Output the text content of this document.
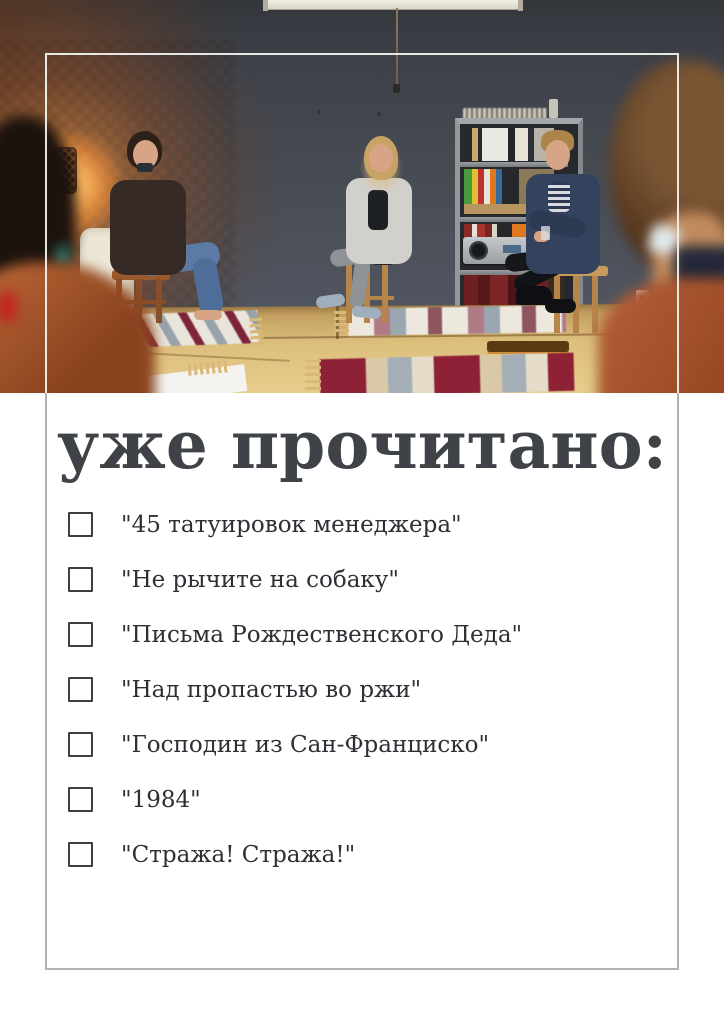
уже прочитано:
"45 татуировок менеджера"
"Не рычите на собаку"
"Письма Рождественского Деда"
"Над пропастью во ржи"
"Господин из Сан-Франциско"
"1984"
"Стража! Стража!"
